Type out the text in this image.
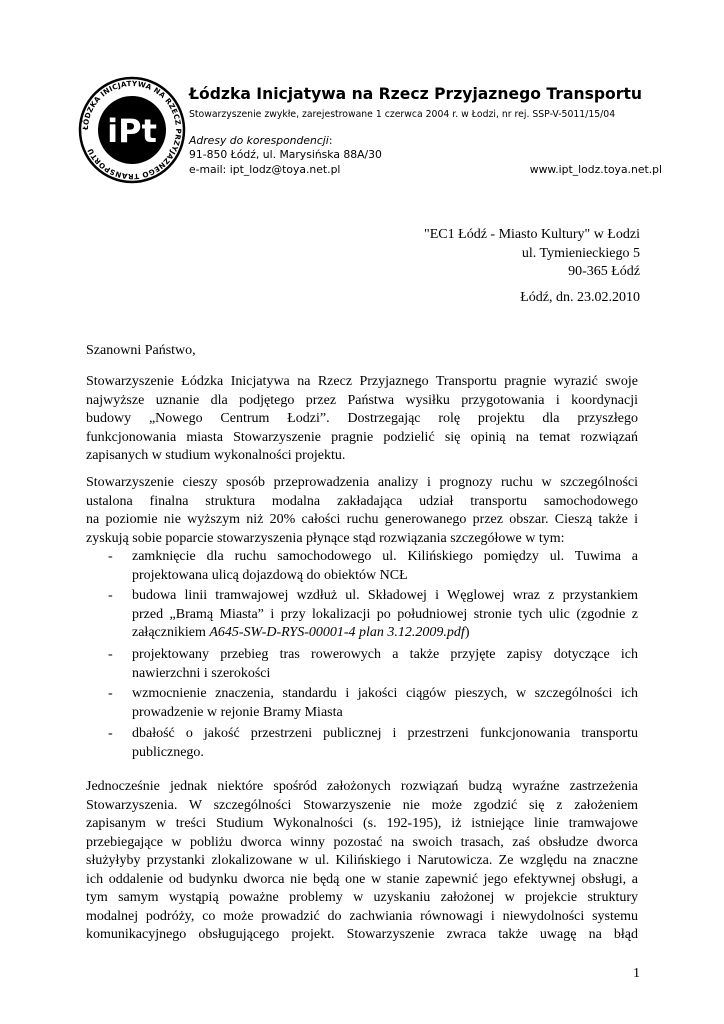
ŁÓDZKA INICJATYWA NA RZECZ PRZYJAZNEGO TRANSPORTU
iPt
Łódzka Inicjatywa na Rzecz Przyjaznego Transportu
Stowarzyszenie zwykłe, zarejestrowane 1 czerwca 2004 r. w Łodzi, nr rej. SSP-V-5011/15/04
Adresy do korespondencji:
91-850 Łódź, ul. Marysińska 88A/30
e-mail: ipt_lodz@toya.net.pl	www.ipt_lodz.toya.net.pl
"EC1 Łódź - Miasto Kultury" w Łodzi
ul. Tymienieckiego 5
90-365 Łódź
Łódź, dn. 23.02.2010
Szanowni Państwo,
Stowarzyszenie Łódzka Inicjatywa na Rzecz Przyjaznego Transportu pragnie wyrazić swoje
najwyższe uznanie dla podjętego przez Państwa wysiłku przygotowania i koordynacji
budowy „Nowego Centrum Łodzi”. Dostrzegając rolę projektu dla przyszłego
funkcjonowania miasta Stowarzyszenie pragnie podzielić się opinią na temat rozwiązań
zapisanych w studium wykonalności projektu.
Stowarzyszenie cieszy sposób przeprowadzenia analizy i prognozy ruchu w szczególności
ustalona finalna struktura modalna zakładająca udział transportu samochodowego
na poziomie nie wyższym niż 20% całości ruchu generowanego przez obszar. Cieszą także i
zyskują sobie poparcie stowarzyszenia płynące stąd rozwiązania szczegółowe w tym:
- zamknięcie dla ruchu samochodowego ul. Kilińskiego pomiędzy ul. Tuwima a
projektowana ulicą dojazdową do obiektów NCŁ
- budowa linii tramwajowej wzdłuż ul. Składowej i Węglowej wraz z przystankiem
przed „Bramą Miasta” i przy lokalizacji po południowej stronie tych ulic (zgodnie z
załącznikiem A645-SW-D-RYS-00001-4 plan 3.12.2009.pdf)
- projektowany przebieg tras rowerowych a także przyjęte zapisy dotyczące ich
nawierzchni i szerokości
- wzmocnienie znaczenia, standardu i jakości ciągów pieszych, w szczególności ich
prowadzenie w rejonie Bramy Miasta
- dbałość o jakość przestrzeni publicznej i przestrzeni funkcjonowania transportu
publicznego.
Jednocześnie jednak niektóre spośród założonych rozwiązań budzą wyraźne zastrzeżenia
Stowarzyszenia. W szczególności Stowarzyszenie nie może zgodzić się z założeniem
zapisanym w treści Studium Wykonalności (s. 192-195), iż istniejące linie tramwajowe
przebiegające w pobliżu dworca winny pozostać na swoich trasach, zaś obsłudze dworca
służyłyby przystanki zlokalizowane w ul. Kilińskiego i Narutowicza. Ze względu na znaczne
ich oddalenie od budynku dworca nie będą one w stanie zapewnić jego efektywnej obsługi, a
tym samym wystąpią poważne problemy w uzyskaniu założonej w projekcie struktury
modalnej podróży, co może prowadzić do zachwiania równowagi i niewydolności systemu
komunikacyjnego obsługującego projekt. Stowarzyszenie zwraca także uwagę na błąd
1
